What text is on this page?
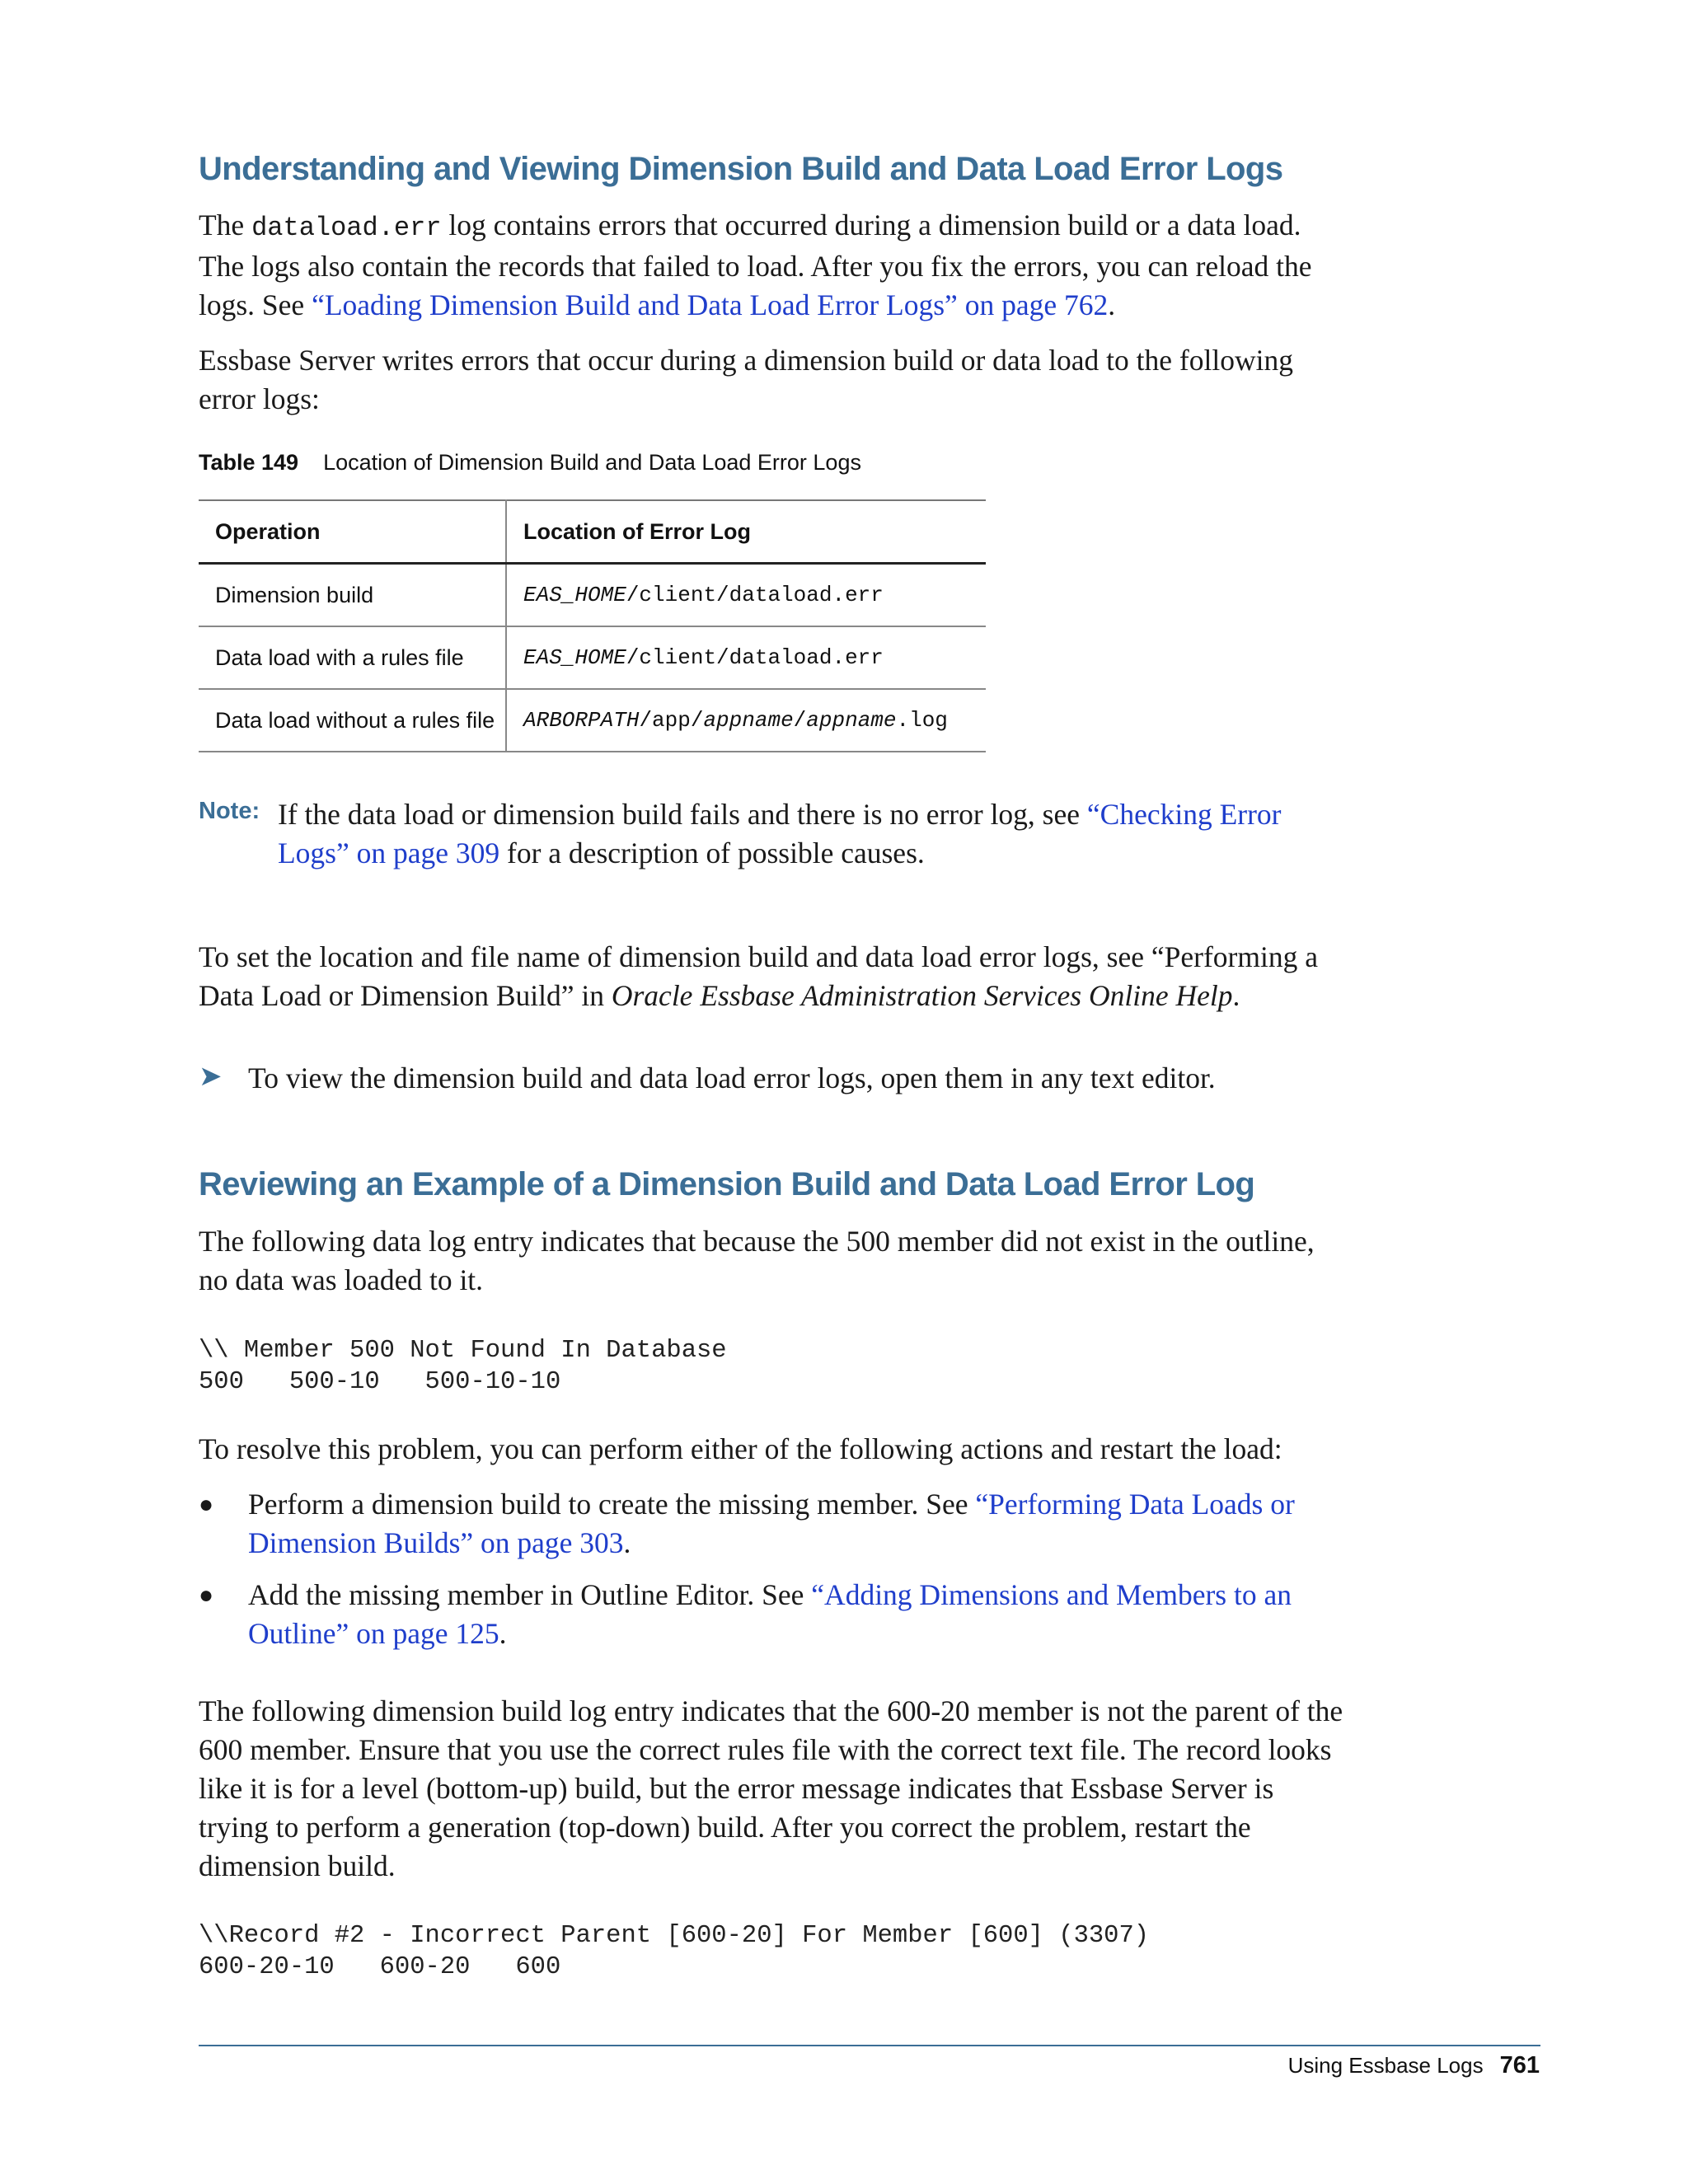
Understanding and Viewing Dimension Build and Data Load Error Logs

The dataload.err log contains errors that occurred during a dimension build or a data load. The logs also contain the records that failed to load. After you fix the errors, you can reload the logs. See “Loading Dimension Build and Data Load Error Logs” on page 762.

Essbase Server writes errors that occur during a dimension build or data load to the following error logs:

Table 149 Location of Dimension Build and Data Load Error Logs
Operation	Location of Error Log
Dimension build	EAS_HOME/client/dataload.err
Data load with a rules file	EAS_HOME/client/dataload.err
Data load without a rules file	ARBORPATH/app/appname/appname.log
Note: If the data load or dimension build fails and there is no error log, see “Checking Error Logs” on page 309 for a description of possible causes.

To set the location and file name of dimension build and data load error logs, see “Performing a Data Load or Dimension Build” in Oracle Essbase Administration Services Online Help.

➤ To view the dimension build and data load error logs, open them in any text editor.

Reviewing an Example of a Dimension Build and Data Load Error Log

The following data log entry indicates that because the 500 member did not exist in the outline, no data was loaded to it.

\\ Member 500 Not Found In Database
500   500-10   500-10-10

To resolve this problem, you can perform either of the following actions and restart the load:

● Perform a dimension build to create the missing member. See “Performing Data Loads or Dimension Builds” on page 303.

● Add the missing member in Outline Editor. See “Adding Dimensions and Members to an Outline” on page 125.

The following dimension build log entry indicates that the 600-20 member is not the parent of the 600 member. Ensure that you use the correct rules file with the correct text file. The record looks like it is for a level (bottom-up) build, but the error message indicates that Essbase Server is trying to perform a generation (top-down) build. After you correct the problem, restart the dimension build.

\\Record #2 - Incorrect Parent [600-20] For Member [600] (3307)
600-20-10   600-20   600
Using Essbase Logs 761
